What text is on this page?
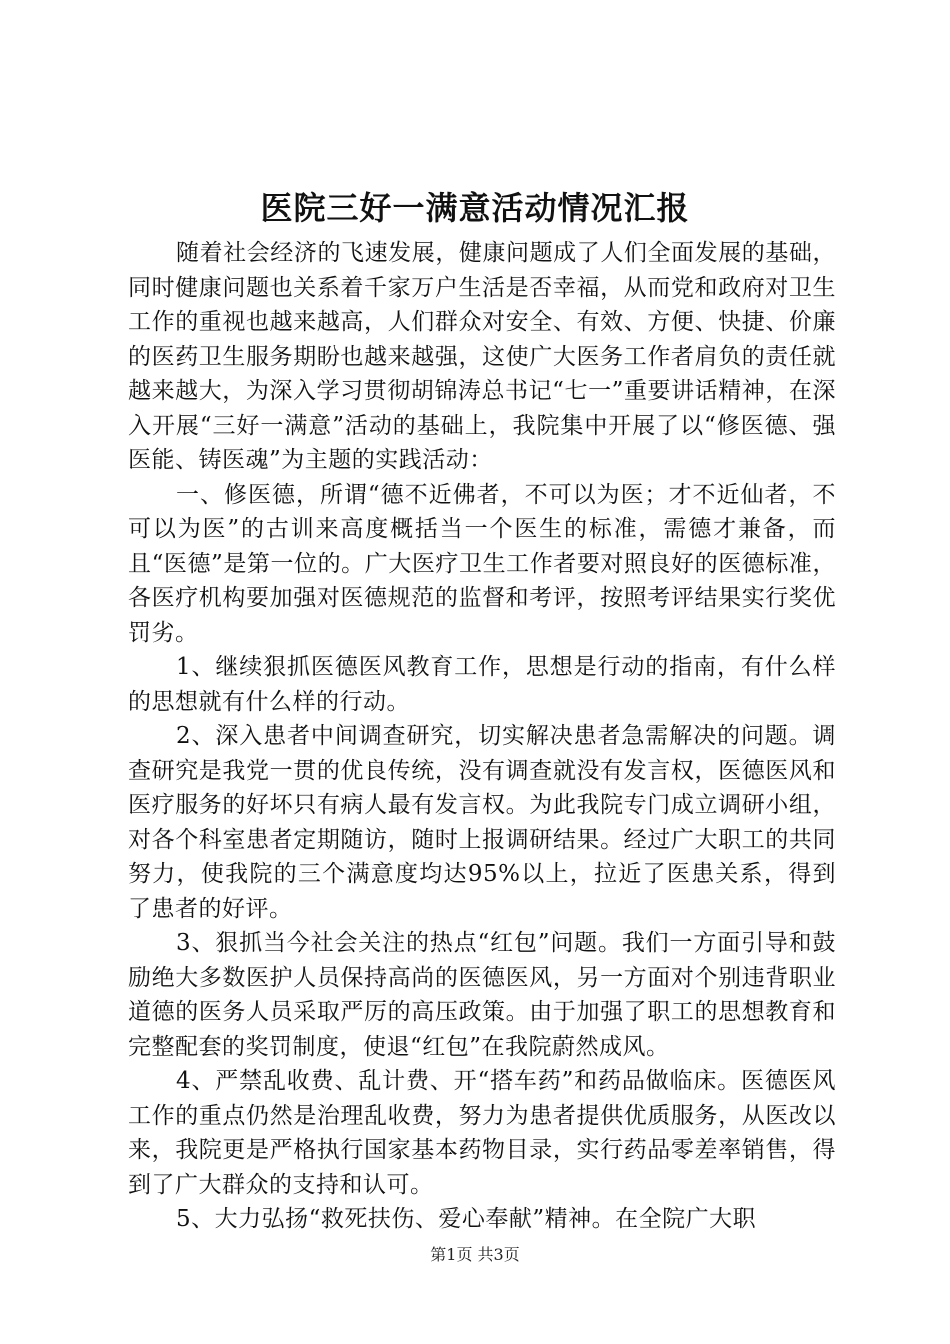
医院三好一满意活动情况汇报

随着社会经济的飞速发展，健康问题成了人们全面发展的基础，同时健康问题也关系着千家万户生活是否幸福，从而党和政府对卫生工作的重视也越来越高，人们群众对安全、有效、方便、快捷、价廉的医药卫生服务期盼也越来越强，这使广大医务工作者肩负的责任就越来越大，为深入学习贯彻胡锦涛总书记“七一”重要讲话精神，在深入开展“三好一满意”活动的基础上，我院集中开展了以“修医德、强医能、铸医魂”为主题的实践活动：

一、修医德，所谓“德不近佛者，不可以为医；才不近仙者，不可以为医”的古训来高度概括当一个医生的标准，需德才兼备，而且“医德”是第一位的。广大医疗卫生工作者要对照良好的医德标准，各医疗机构要加强对医德规范的监督和考评，按照考评结果实行奖优罚劣。

1、继续狠抓医德医风教育工作，思想是行动的指南，有什么样的思想就有什么样的行动。

2、深入患者中间调查研究，切实解决患者急需解决的问题。调查研究是我党一贯的优良传统，没有调查就没有发言权，医德医风和医疗服务的好坏只有病人最有发言权。为此我院专门成立调研小组，对各个科室患者定期随访，随时上报调研结果。经过广大职工的共同努力，使我院的三个满意度均达95%以上，拉近了医患关系，得到了患者的好评。

3、狠抓当今社会关注的热点“红包”问题。我们一方面引导和鼓励绝大多数医护人员保持高尚的医德医风，另一方面对个别违背职业道德的医务人员采取严厉的高压政策。由于加强了职工的思想教育和完整配套的奖罚制度，使退“红包”在我院蔚然成风。

4、严禁乱收费、乱计费、开“搭车药”和药品做临床。医德医风工作的重点仍然是治理乱收费，努力为患者提供优质服务，从医改以来，我院更是严格执行国家基本药物目录，实行药品零差率销售，得到了广大群众的支持和认可。

5、大力弘扬“救死扶伤、爱心奉献”精神。在全院广大职

第1页 共3页
